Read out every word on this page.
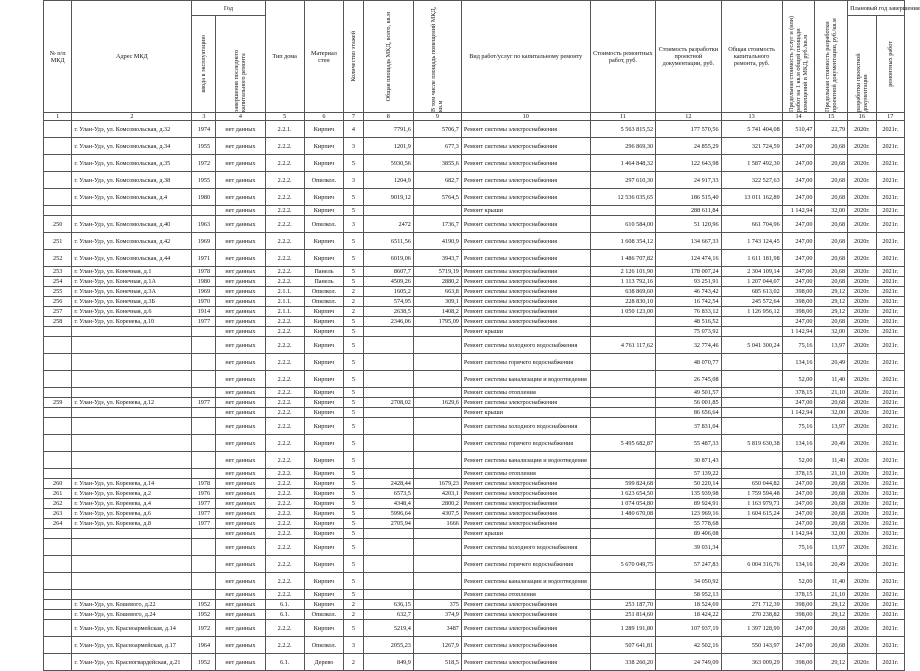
№ п/п МКД	Адрес МКД	Год		Тип дома	Материал стен	Количество этажей	Общая площадь МКД, всего, кв.м	В том числе площадь помещений МКД, кв.м	Вид работ/услуг по капитальному ремонту	Стоимость ремонтных работ, руб.	Стоимость разработки проектной документации, руб.	Общая стоимость капитального ремонта, руб.	Предельная стоимость услуг и (или) работ на 1 кв.м общей площади помещений в МКД, руб./кв.м	Предельная стоимость разработки проектной документации, руб./кв.м	Плановый год завершения	

		ввода в эксплуатацию	завершения последнего капитального ремонта												разработки проектной документации	ремонтных работ

1	2	3	4	5	6	7	8	9	10	11	12	13	14	15	16	17
	г. Улан-Удэ, ул. Комсомольская, д.32	1974	нет данных	2.2.1.	Кирпич	4	7791,6	5706,7	Ремонт системы электроснабжения	5 563 815,52	177 570,56	5 741 404,08	510,47	22,79	2020г.	2021г.
	г. Улан-Удэ, ул. Комсомольская, д.34	1955	нет данных	2.2.2.	Кирпич	3	1201,9	677,3	Ремонт системы электроснабжения	296 869,30	24 855,29	321 724,59	247,00	20,68	2020г.	2021г.
	г. Улан-Удэ, ул. Комсомольская, д.35	1972	нет данных	2.2.2.	Кирпич	5	5930,56	3855,6	Ремонт системы электроснабжения	1 464 848,32	122 643,98	1 587 492,30	247,00	20,68	2020г.	2021г.
	г. Улан-Удэ, ул. Комсомольская, д.38	1955	нет данных	2.2.2.	Опилкол.	3	1204,9	682,7	Ремонт системы электроснабжения	297 610,30	24 917,33	322 527,63	247,00	20,68	2020г.	2021г.
	г. Улан-Удэ, ул. Комсомольская, д.4	1980	нет данных	2.2.2.	Кирпич	5	9019,12	5764,5	Ремонт системы электроснабжения	12 536 035,65	186 515,40	13 011 162,89	247,00	20,68	2020г.	2021г.
			нет данных	2.2.2.	Кирпич	5			Ремонт крыши		288 611,84		1 142,94	32,00	2020г.	2021г.
250	г. Улан-Удэ, ул. Комсомольская, д.40	1963	нет данных	2.2.2.	Опилкол.	3	2472	1736,7	Ремонт системы электроснабжения	610 584,00	51 120,96	661 704,96	247,00	20,68	2020г.	2021г.
251	г. Улан-Удэ, ул. Комсомольская, д.42	1969	нет данных	2.2.2.	Кирпич	5	6511,56	4190,9	Ремонт системы электроснабжения	1 608 354,12	134 667,33	1 743 124,45	247,00	20,68	2020г.	2021г.
252	г. Улан-Удэ, ул. Комсомольская, д.44	1971	нет данных	2.2.2.	Кирпич	5	6019,06	3943,7	Ремонт системы электроснабжения	1 486 707,82	124 474,16	1 611 181,98	247,00	20,68	2020г.	2021г.
253	г. Улан-Удэ, ул. Конечная, д.1	1978	нет данных	2.2.2.	Панель	5	8607,7	5719,19	Ремонт системы электроснабжения	2 126 101,90	178 007,24	2 304 109,14	247,00	20,68	2020г.	2021г.
254	г. Улан-Удэ, ул. Конечная, д.1А	1980	нет данных	2.2.2.	Панель	5	4509,26	2880,2	Ремонт системы электроснабжения	1 113 792,16	93 251,91	1 207 044,07	247,00	20,68	2020г.	2021г.
255	г. Улан-Удэ, ул. Конечная, д.3А	1969	нет данных	2.1.1.	Опилкол.	2	1605,2	663,8	Ремонт системы электроснабжения	638 869,60	46 743,42	685 613,02	398,00	29,12	2020г.	2021г.
256	г. Улан-Удэ, ул. Конечная, д.3Б	1970	нет данных	2.1.1.	Опилкол.	2	574,95	309,1	Ремонт системы электроснабжения	228 830,10	16 742,54	245 572,64	398,00	29,12	2020г.	2021г.
257	г. Улан-Удэ, ул. Конечная, д.6	1914	нет данных	2.1.1.	Кирпич	2	2638,5	1408,2	Ремонт системы электроснабжения	1 050 123,00	76 833,12	1 126 956,12	398,00	29,12	2020г.	2021г.
258	г. Улан-Удэ, ул. Коренева, д.10	1977	нет данных	2.2.2.	Кирпич	5	2346,06	1795,09	Ремонт системы электроснабжения		48 516,52		247,00	20,68	2020г.	2021г.
			нет данных	2.2.2.	Кирпич	5			Ремонт крыши		75 073,92		1 142,94	32,00	2020г.	2021г.
			нет данных	2.2.2.	Кирпич	5			Ремонт системы холодного водоснабжения	4 761 117,62	32 774,46	5 041 300,24	75,16	13,97	2020г.	2021г.
			нет данных	2.2.2.	Кирпич	5			Ремонт системы горячего водоснабжения		48 070,77		134,16	20,49	2020г.	2021г.
			нет данных	2.2.2.	Кирпич	5			Ремонт системы канализации и водоотведения		26 745,08		52,00	11,40	2020г.	2021г.
			нет данных	2.2.2.	Кирпич	5			Ремонт системы отопления		49 501,57		378,15	21,10	2020г.	2021г.
259	г. Улан-Удэ, ул. Коренева, д.12	1977	нет данных	2.2.2.	Кирпич	5	2708,02	1629,6	Ремонт системы электроснабжения		56 001,85		247,00	20,68	2020г.	2021г.
			нет данных	2.2.2.	Кирпич	5			Ремонт крыши		86 656,64		1 142,94	32,00	2020г.	2021г.
			нет данных	2.2.2.	Кирпич	5			Ремонт системы холодного водоснабжения		37 831,04		75,16	13,97	2020г.	2021г.
			нет данных	2.2.2.	Кирпич	5			Ремонт системы горячего водоснабжения	5 495 682,87	55 487,33	5 819 630,38	134,16	20,49	2020г.	2021г.
			нет данных	2.2.2.	Кирпич	5			Ремонт системы канализации и водоотведения		30 871,43		52,00	11,40	2020г.	2021г.
			нет данных	2.2.2.	Кирпич	5			Ремонт системы отопления		57 139,22		378,15	21,10	2020г.	2021г.
260	г. Улан-Удэ, ул. Коренева, д.14	1978	нет данных	2.2.2.	Кирпич	5	2428,44	1679,23	Ремонт системы электроснабжения	599 824,68	50 220,14	650 044,82	247,00	20,68	2020г.	2021г.
261	г. Улан-Удэ, ул. Коренева, д.2	1976	нет данных	2.2.2.	Кирпич	5	6573,5	4203,1	Ремонт системы электроснабжения	1 623 654,50	135 939,98	1 759 594,48	247,00	20,68	2020г.	2021г.
262	г. Улан-Удэ, ул. Коренева, д.4	1977	нет данных	2.2.2.	Кирпич	5	4348,4	2800,2	Ремонт системы электроснабжения	1 074 054,80	89 924,91	1 163 979,71	247,00	20,68	2020г.	2021г.
263	г. Улан-Удэ, ул. Коренева, д.6	1977	нет данных	2.2.2.	Кирпич	5	5996,64	4307,5	Ремонт системы электроснабжения	1 480 670,08	123 969,16	1 604 615,24	247,00	20,68	2020г.	2021г.
264	г. Улан-Удэ, ул. Коренева, д.8	1977	нет данных	2.2.2.	Кирпич	5	2705,94	1666	Ремонт системы электроснабжения		55 778,68		247,00	20,68	2020г.	2021г.
			нет данных	2.2.2.	Кирпич	5			Ремонт крыши		89 406,08		1 142,94	32,00	2020г.	2021г.
			нет данных	2.2.2.	Кирпич	5			Ремонт системы холодного водоснабжения		39 031,34		75,16	13,97	2020г.	2021г.
			нет данных	2.2.2.	Кирпич	5			Ремонт системы горячего водоснабжения	5 670 049,75	57 247,83	6 004 316,76	134,16	20,49	2020г.	2021г.
			нет данных	2.2.2.	Кирпич	5			Ремонт системы канализации и водоотведения		34 050,92		52,00	11,40	2020г.	2021г.
			нет данных	2.2.2.	Кирпич	5			Ремонт системы отопления		58 952,13		378,15	21,10	2020г.	2021г.
	г. Улан-Удэ, ул. Кошевого, д.22	1952	нет данных	6.1.	Кирпич	2	636,15	375	Ремонт системы электроснабжения	253 187,70	18 524,69	271 712,39	398,00	29,12	2020г.	2021г.
	г. Улан-Удэ, ул. Кошевого, д.24	1952	нет данных	6.1.	Опилкол.	2	632,7	374,9	Ремонт системы электроснабжения	251 814,60	18 424,22	270 238,82	398,00	29,12	2020г.	2021г.
	г. Улан-Удэ, ул. Красноармейская, д.14	1972	нет данных	2.2.2.	Кирпич	5	5219,4	3487	Ремонт системы электроснабжения	1 289 191,80	107 937,19	1 397 128,99	247,00	20,68	2020г.	2021г.
	г. Улан-Удэ, ул. Красноармейская, д.17	1964	нет данных	2.2.2.	Опилкол.	3	2055,23	1267,9	Ремонт системы электроснабжения	507 641,81	42 502,16	550 143,97	247,00	20,68	2020г.	2021г.
	г. Улан-Удэ, ул. Красногвардейская, д.21	1952	нет данных	6.1.	Дерево	2	849,9	518,5	Ремонт системы электроснабжения	338 260,20	24 749,09	363 009,29	398,00	29,12	2020г.	2021г.
